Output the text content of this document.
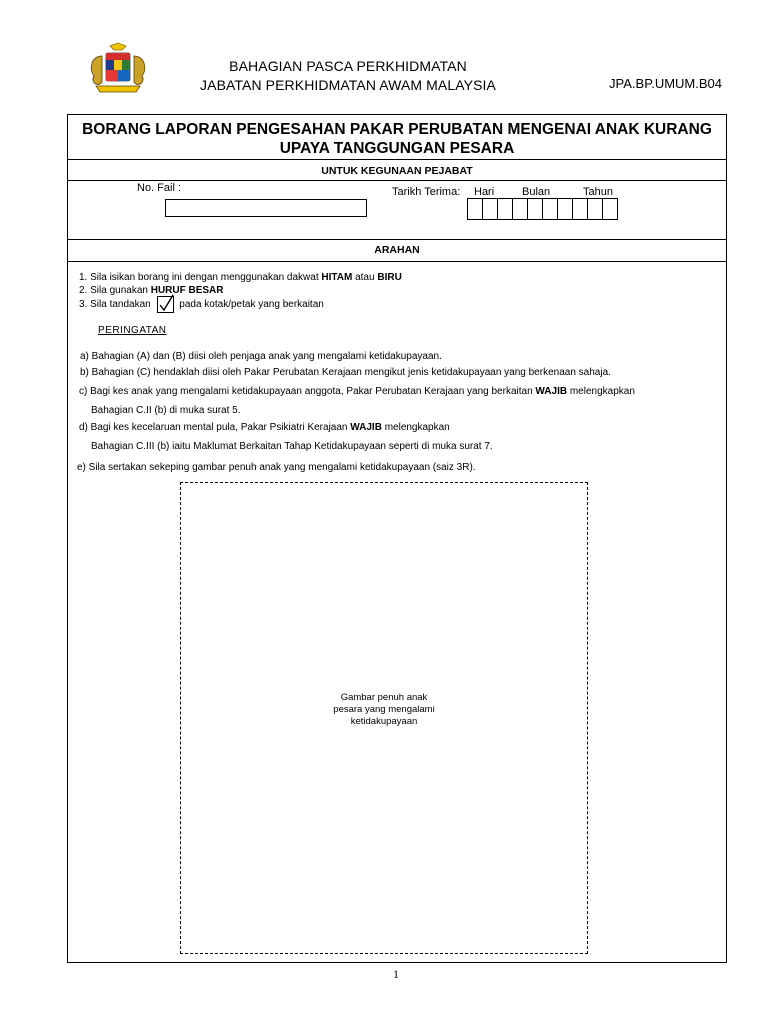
BAHAGIAN PASCA PERKHIDMATAN
JABATAN PERKHIDMATAN AWAM MALAYSIA	JPA.BP.UMUM.B04
BORANG LAPORAN PENGESAHAN PAKAR PERUBATAN MENGENAI ANAK KURANG
UPAYA TANGGUNGAN PESARA
UNTUK KEGUNAAN PEJABAT
No. Fail :	Tarikh Terima: Hari	Bulan	Tahun
ARAHAN
1. Sila isikan borang ini dengan menggunakan dakwat HITAM atau BIRU
2. Sila gunakan HURUF BESAR
3. Sila tandakan	pada kotak/petak yang berkaitan
PERINGATAN
a) Bahagian (A) dan (B) diisi oleh penjaga anak yang mengalami ketidakupayaan.
b) Bahagian (C) hendaklah diisi oleh Pakar Perubatan Kerajaan mengikut jenis ketidakupayaan yang berkenaan sahaja.
c) Bagi kes anak yang mengalami ketidakupayaan anggota, Pakar Perubatan Kerajaan yang berkaitan WAJIB melengkapkan
Bahagian C.II (b) di muka surat 5.
d) Bagi kes kecelaruan mental pula, Pakar Psikiatri Kerajaan WAJIB melengkapkan
Bahagian C.III (b) iaitu Maklumat Berkaitan Tahap Ketidakupayaan seperti di muka surat 7.
e) Sila sertakan sekeping gambar penuh anak yang mengalami ketidakupayaan (saiz 3R).
Gambar penuh anak
pesara yang mengalami
ketidakupayaan
1
